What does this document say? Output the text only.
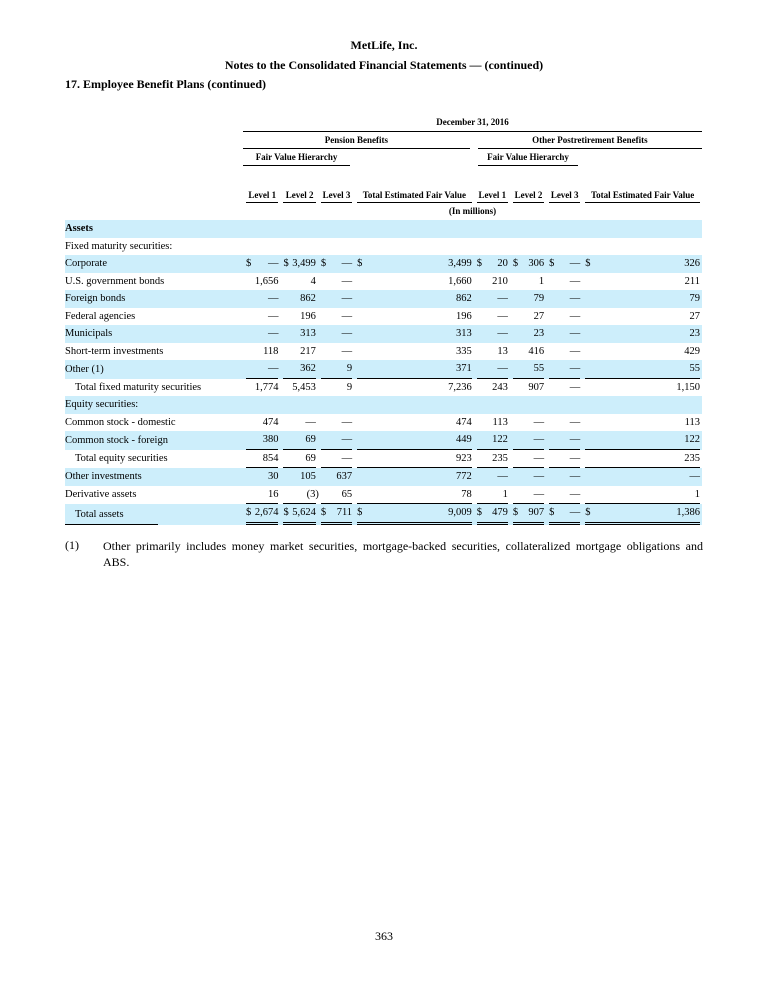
MetLife, Inc.
Notes to the Consolidated Financial Statements — (continued)
17. Employee Benefit Plans (continued)
	December 31, 2016							

	Pension Benefits				Other Postretirement Benefits			

	Fair Value Hierarchy				Fair Value Hierarchy			

	Level 1	Level 2	Level 3	Total Estimated Fair Value	Level 1	Level 2	Level 3	Total Estimated Fair Value

	(In millions)							
Assets								
Fixed maturity securities:								
Corporate	$ —	$ 3,499	$ —	$ 3,499	$ 20	$ 306	$ —	$ 326

U.S. government bonds	1,656	4	—	1,660	210	1	—	211

Foreign bonds	—	862	—	862	—	79	—	79

Federal agencies	—	196	—	196	—	27	—	27

Municipals	—	313	—	313	—	23	—	23

Short-term investments	118	217	—	335	13	416	—	429

Other (1)	—	362	9	371	—	55	—	55

Total fixed maturity securities	1,774	5,453	9	7,236	243	907	—	1,150

Equity securities:								
Common stock - domestic	474	—	—	474	113	—	—	113

Common stock - foreign	380	69	—	449	122	—	—	122

Total equity securities	854	69	—	923	235	—	—	235

Other investments	30	105	637	772	—	—	—	—

Derivative assets	16	(3)	65	78	1	—	—	1

Total assets	$ 2,674	$ 5,624	$ 711	$ 9,009	$ 479	$ 907	$ —	$ 1,386
(1) Other primarily includes money market securities, mortgage-backed securities, collateralized mortgage obligations and ABS.
363
